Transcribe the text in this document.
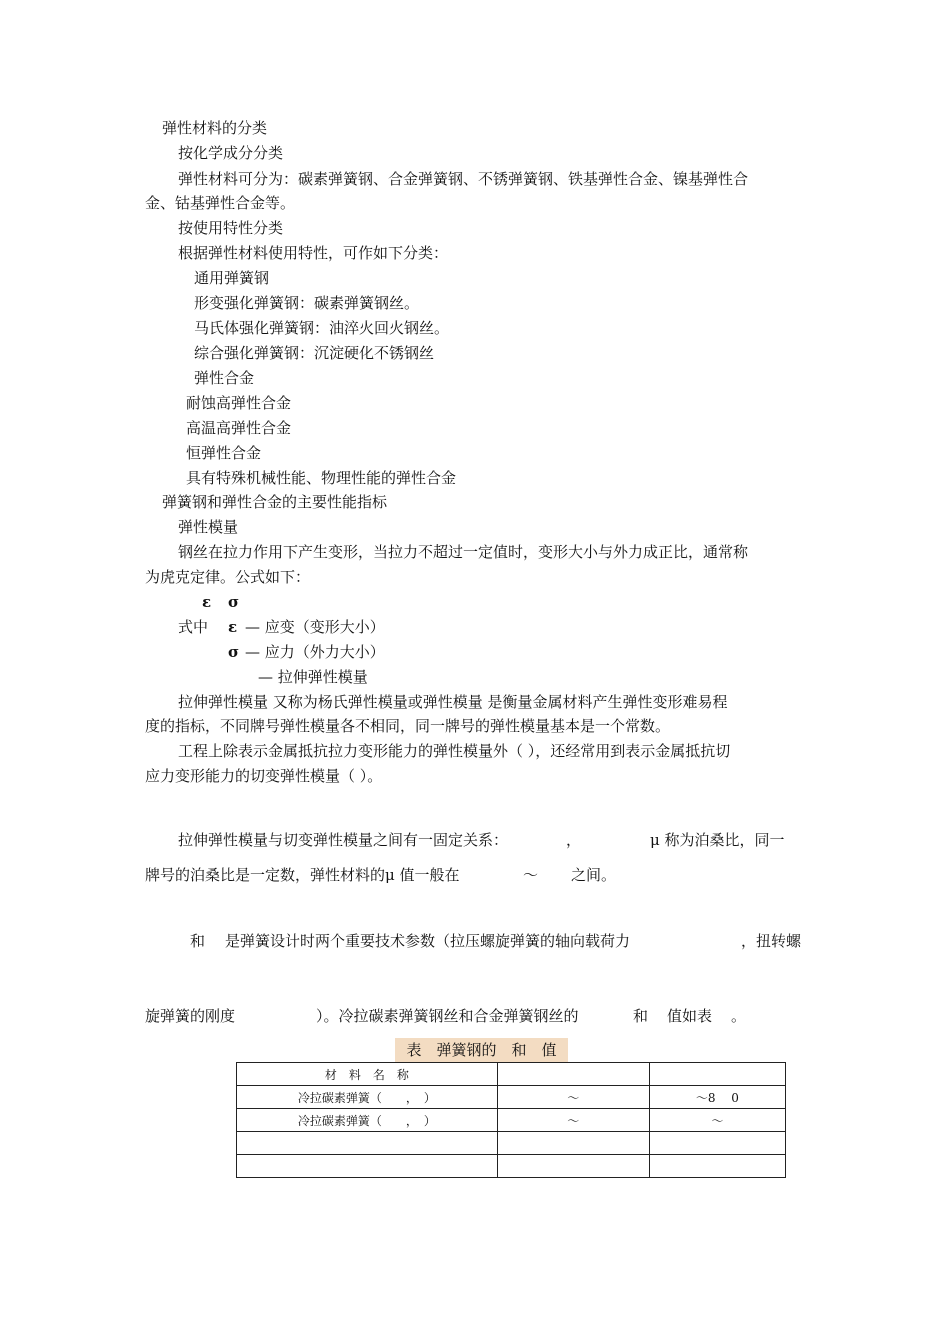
弹性材料的分类
按化学成分分类
弹性材料可分为：碳素弹簧钢、合金弹簧钢、不锈弹簧钢、铁基弹性合金、镍基弹性合
金、钴基弹性合金等。
按使用特性分类
根据弹性材料使用特性，可作如下分类：
通用弹簧钢
形变强化弹簧钢：碳素弹簧钢丝。
马氏体强化弹簧钢：油淬火回火钢丝。
综合强化弹簧钢：沉淀硬化不锈钢丝
弹性合金
耐蚀高弹性合金
高温高弹性合金
恒弹性合金
具有特殊机械性能、物理性能的弹性合金
弹簧钢和弹性合金的主要性能指标
弹性模量
钢丝在拉力作用下产生变形，当拉力不超过一定值时，变形大小与外力成正比，通常称
为虎克定律。公式如下：
ε σ
式中 ε — 应变（变形大小）
σ — 应力（外力大小）
— 拉伸弹性模量
拉伸弹性模量 又称为杨氏弹性模量或弹性模量 是衡量金属材料产生弹性变形难易程
度的指标，不同牌号弹性模量各不相同，同一牌号的弹性模量基本是一个常数。
工程上除表示金属抵抗拉力变形能力的弹性模量外（ ），还经常用到表示金属抵抗切
应力变形能力的切变弹性模量（ ）。
拉伸弹性模量与切变弹性模量之间有一固定关系：	，	μ 称为泊桑比，同一
牌号的泊桑比是一定数，弹性材料的μ 值一般在	～ 之间。
和 是弹簧设计时两个重要技术参数（拉压螺旋弹簧的轴向载荷力	，扭转螺
旋弹簧的刚度	）。冷拉碳素弹簧钢丝和合金弹簧钢丝的	和 值如表 。
表　弹簧钢的　和　值
材　料　名　称		
冷拉碳素弹簧（　　，　）	～	～8　 0
冷拉碳素弹簧（　　，　）	～	～
